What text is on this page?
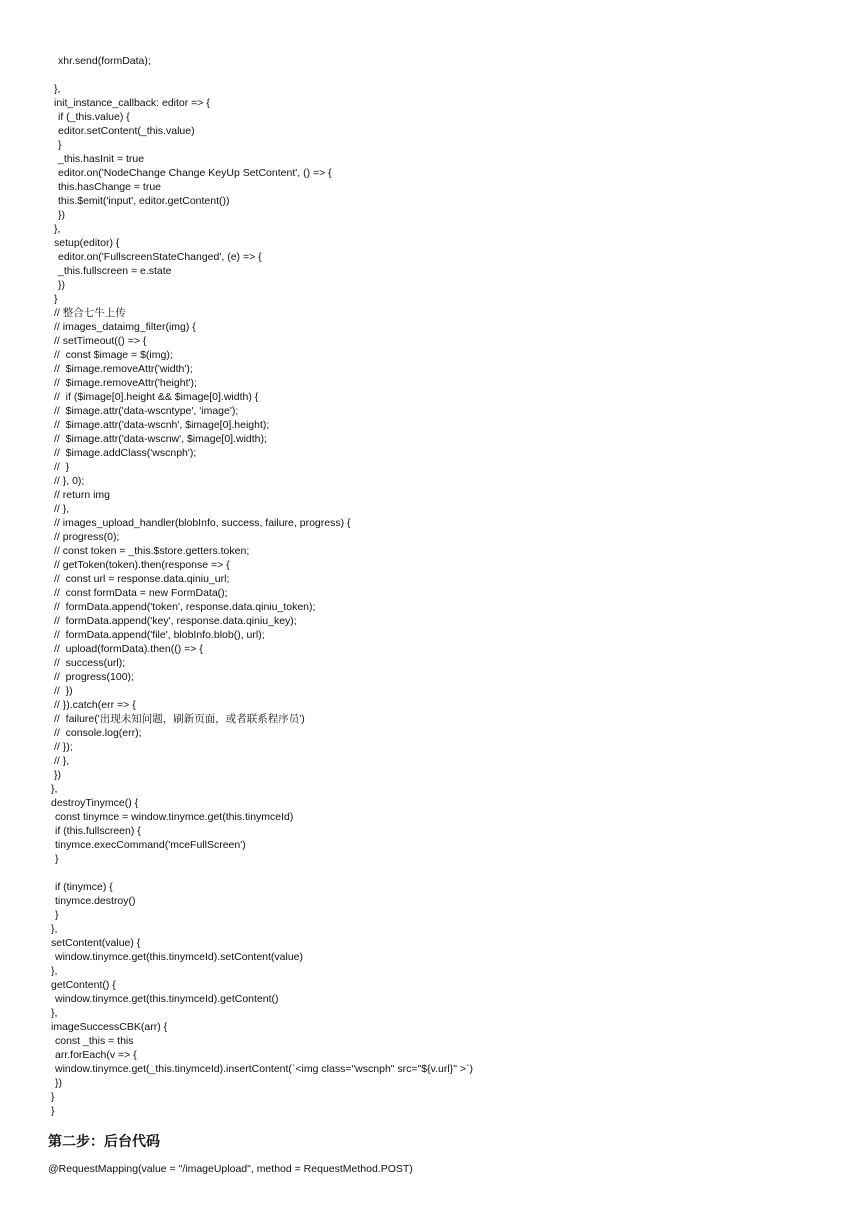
xhr.send(formData);
},
init_instance_callback: editor => {
if (_this.value) {
editor.setContent(_this.value)
}
_this.hasInit = true
editor.on('NodeChange Change KeyUp SetContent', () => {
this.hasChange = true
this.$emit('input', editor.getContent())
})
},
setup(editor) {
editor.on('FullscreenStateChanged', (e) => {
_this.fullscreen = e.state
})
}
// 整合七牛上传
// images_dataimg_filter(img) {
// setTimeout(() => {
//  const $image = $(img);
//  $image.removeAttr('width');
//  $image.removeAttr('height');
//  if ($image[0].height && $image[0].width) {
//  $image.attr('data-wscntype', 'image');
//  $image.attr('data-wscnh', $image[0].height);
//  $image.attr('data-wscnw', $image[0].width);
//  $image.addClass('wscnph');
//  }
// }, 0);
// return img
// },
// images_upload_handler(blobInfo, success, failure, progress) {
// progress(0);
// const token = _this.$store.getters.token;
// getToken(token).then(response => {
//  const url = response.data.qiniu_url;
//  const formData = new FormData();
//  formData.append('token', response.data.qiniu_token);
//  formData.append('key', response.data.qiniu_key);
//  formData.append('file', blobInfo.blob(), url);
//  upload(formData).then(() => {
//  success(url);
//  progress(100);
//  })
// }).catch(err => {
//  failure('出现未知问题，刷新页面，或者联系程序员')
//  console.log(err);
// });
// },
})
},
destroyTinymce() {
const tinymce = window.tinymce.get(this.tinymceId)
if (this.fullscreen) {
tinymce.execCommand('mceFullScreen')
}
if (tinymce) {
tinymce.destroy()
}
},
setContent(value) {
window.tinymce.get(this.tinymceId).setContent(value)
},
getContent() {
window.tinymce.get(this.tinymceId).getContent()
},
imageSuccessCBK(arr) {
const _this = this
arr.forEach(v => {
window.tinymce.get(_this.tinymceId).insertContent(`<img class="wscnph" src="${v.url}" >`)
})
}
}
第二步：后台代码
@RequestMapping(value = "/imageUpload", method = RequestMethod.POST)
